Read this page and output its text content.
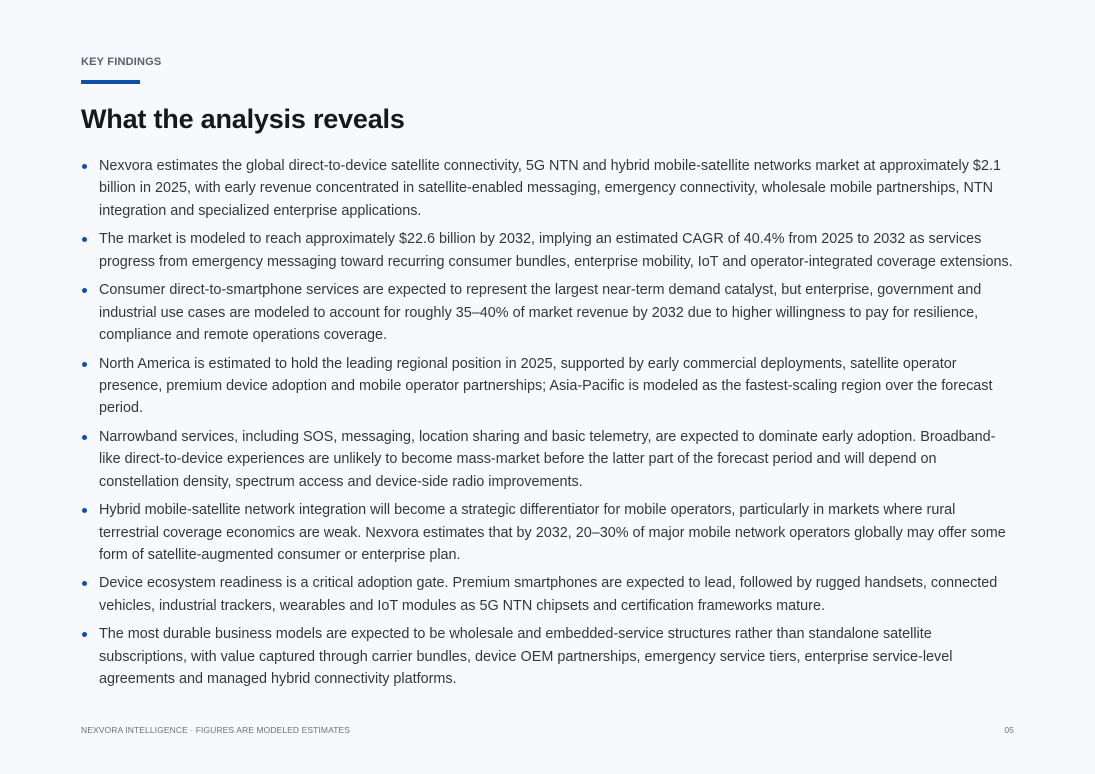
KEY FINDINGS
What the analysis reveals
Nexvora estimates the global direct-to-device satellite connectivity, 5G NTN and hybrid mobile-satellite networks market at approximately $2.1 billion in 2025, with early revenue concentrated in satellite-enabled messaging, emergency connectivity, wholesale mobile partnerships, NTN integration and specialized enterprise applications.
The market is modeled to reach approximately $22.6 billion by 2032, implying an estimated CAGR of 40.4% from 2025 to 2032 as services progress from emergency messaging toward recurring consumer bundles, enterprise mobility, IoT and operator-integrated coverage extensions.
Consumer direct-to-smartphone services are expected to represent the largest near-term demand catalyst, but enterprise, government and industrial use cases are modeled to account for roughly 35–40% of market revenue by 2032 due to higher willingness to pay for resilience, compliance and remote operations coverage.
North America is estimated to hold the leading regional position in 2025, supported by early commercial deployments, satellite operator presence, premium device adoption and mobile operator partnerships; Asia-Pacific is modeled as the fastest-scaling region over the forecast period.
Narrowband services, including SOS, messaging, location sharing and basic telemetry, are expected to dominate early adoption. Broadband-like direct-to-device experiences are unlikely to become mass-market before the latter part of the forecast period and will depend on constellation density, spectrum access and device-side radio improvements.
Hybrid mobile-satellite network integration will become a strategic differentiator for mobile operators, particularly in markets where rural terrestrial coverage economics are weak. Nexvora estimates that by 2032, 20–30% of major mobile network operators globally may offer some form of satellite-augmented consumer or enterprise plan.
Device ecosystem readiness is a critical adoption gate. Premium smartphones are expected to lead, followed by rugged handsets, connected vehicles, industrial trackers, wearables and IoT modules as 5G NTN chipsets and certification frameworks mature.
The most durable business models are expected to be wholesale and embedded-service structures rather than standalone satellite subscriptions, with value captured through carrier bundles, device OEM partnerships, emergency service tiers, enterprise service-level agreements and managed hybrid connectivity platforms.
NEXVORA INTELLIGENCE · FIGURES ARE MODELED ESTIMATES	05
